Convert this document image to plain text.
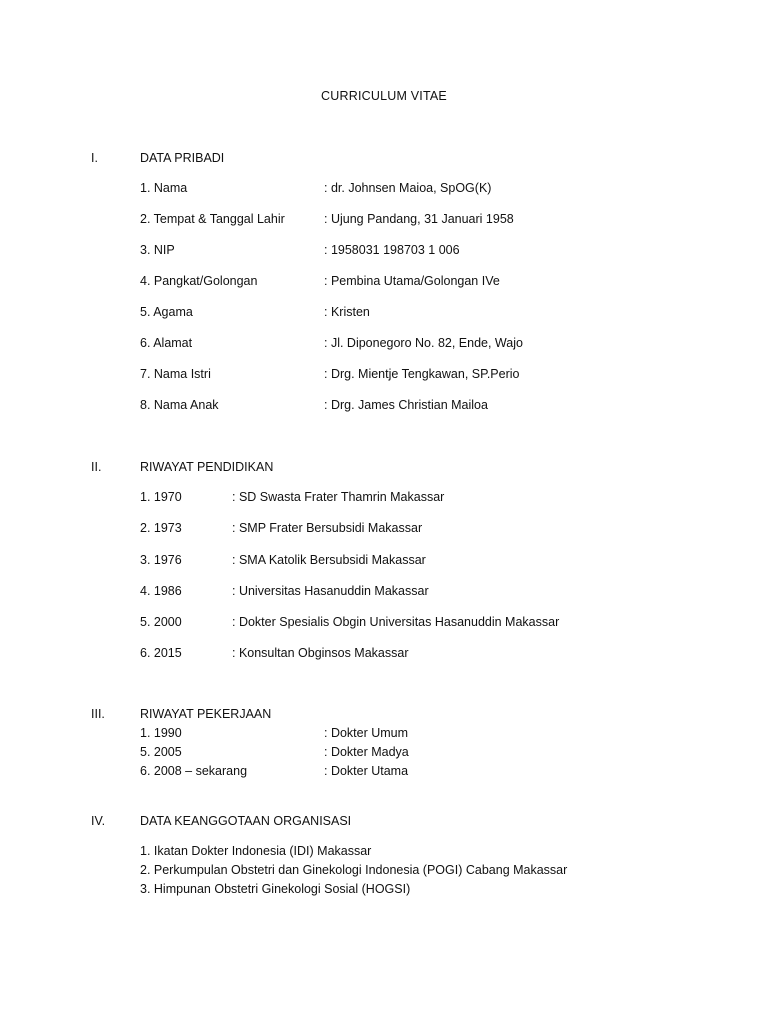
CURRICULUM VITAE
I.	DATA PRIBADI
1. Nama	: dr. Johnsen Maioa, SpOG(K)
2. Tempat & Tanggal Lahir	: Ujung Pandang, 31 Januari 1958
3. NIP	: 1958031 198703 1 006
4. Pangkat/Golongan	: Pembina Utama/Golongan IVe
5. Agama	: Kristen
6. Alamat	: Jl. Diponegoro No. 82, Ende, Wajo
7. Nama Istri	: Drg. Mientje Tengkawan, SP.Perio
8. Nama Anak	: Drg. James Christian Mailoa
II.	RIWAYAT PENDIDIKAN
1. 1970	: SD Swasta Frater Thamrin Makassar
2. 1973	: SMP Frater Bersubsidi Makassar
3. 1976	: SMA Katolik Bersubsidi Makassar
4. 1986	: Universitas Hasanuddin Makassar
5. 2000	: Dokter Spesialis Obgin Universitas Hasanuddin Makassar
6. 2015	: Konsultan Obginsos Makassar
III.	RIWAYAT PEKERJAAN
1. 1990	: Dokter Umum
5. 2005	: Dokter Madya
6. 2008 – sekarang	: Dokter Utama
IV.	DATA KEANGGOTAAN ORGANISASI
1. Ikatan Dokter Indonesia (IDI) Makassar
2. Perkumpulan Obstetri dan Ginekologi Indonesia (POGI) Cabang Makassar
3. Himpunan Obstetri Ginekologi Sosial (HOGSI)
